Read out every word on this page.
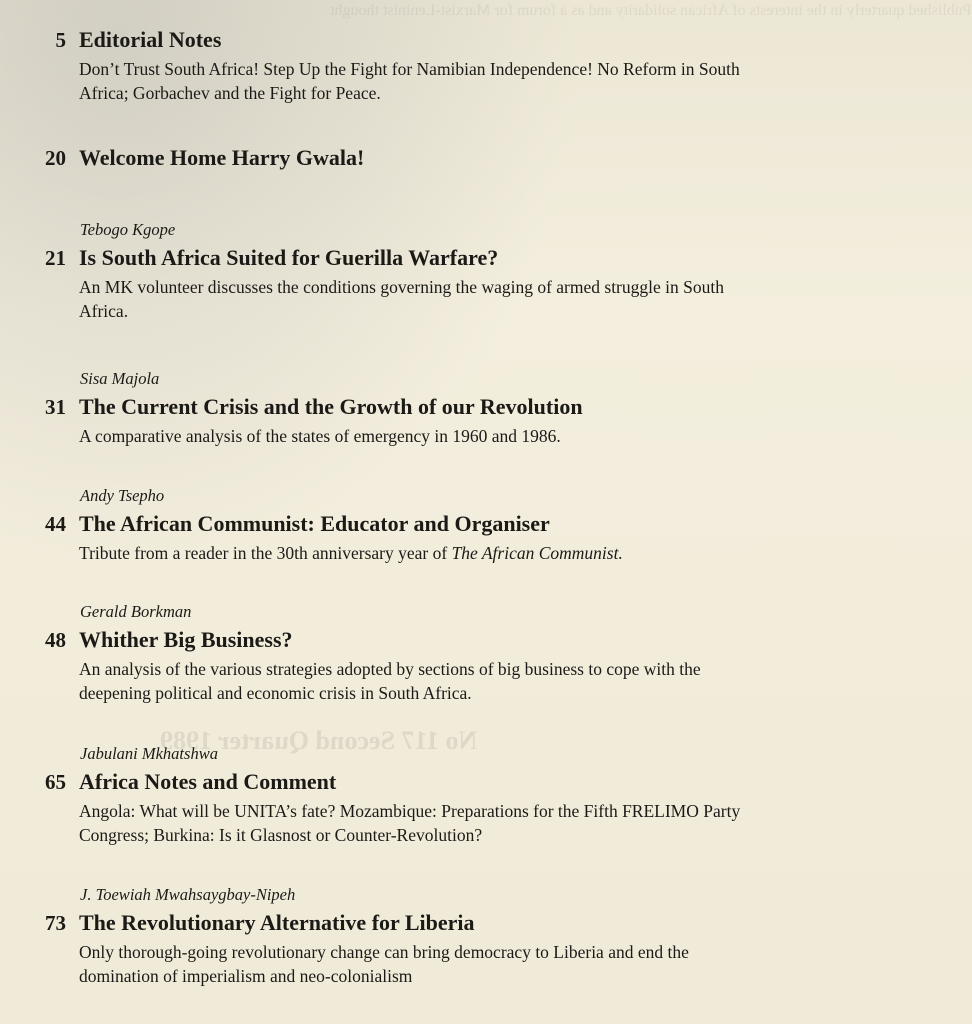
Published quarterly in the interests of African solidarity and as a forum for Marxist-Leninist thought
No 117 Second Quarter 1989
5 Editorial Notes
Don’t Trust South Africa! Step Up the Fight for Namibian Independence! No Reform in South Africa; Gorbachev and the Fight for Peace.
20 Welcome Home Harry Gwala!
Tebogo Kgope
21 Is South Africa Suited for Guerilla Warfare?
An MK volunteer discusses the conditions governing the waging of armed struggle in South Africa.
Sisa Majola
31 The Current Crisis and the Growth of our Revolution
A comparative analysis of the states of emergency in 1960 and 1986.
Andy Tsepho
44 The African Communist: Educator and Organiser
Tribute from a reader in the 30th anniversary year of The African Communist.
Gerald Borkman
48 Whither Big Business?
An analysis of the various strategies adopted by sections of big business to cope with the deepening political and economic crisis in South Africa.
Jabulani Mkhatshwa
65 Africa Notes and Comment
Angola: What will be UNITA’s fate? Mozambique: Preparations for the Fifth FRELIMO Party Congress; Burkina: Is it Glasnost or Counter-Revolution?
J. Toewiah Mwahsaygbay-Nipeh
73 The Revolutionary Alternative for Liberia
Only thorough-going revolutionary change can bring democracy to Liberia and end the domination of imperialism and neo-colonialism
